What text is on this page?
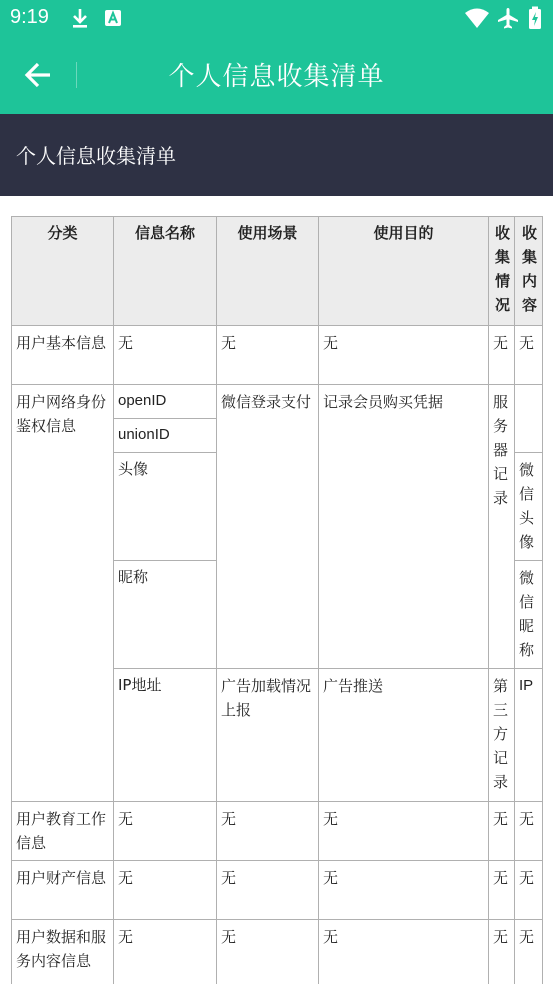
9:19
个人信息收集清单
个人信息收集清单
分类	信息名称	使用场景	使用目的	收集情况	收集内容
用户基本信息	无	无	无	无	无
用户网络身份鉴权信息	openID	微信登录支付	记录会员购买凭据	服务器记录	
	unionID				
	头像				微信头像
	昵称				微信昵称
	IP地址	广告加载情况上报	广告推送	第三方记录	IP
用户教育工作信息	无	无	无	无	无
用户财产信息	无	无	无	无	无
用户数据和服务内容信息	无	无	无	无	无
